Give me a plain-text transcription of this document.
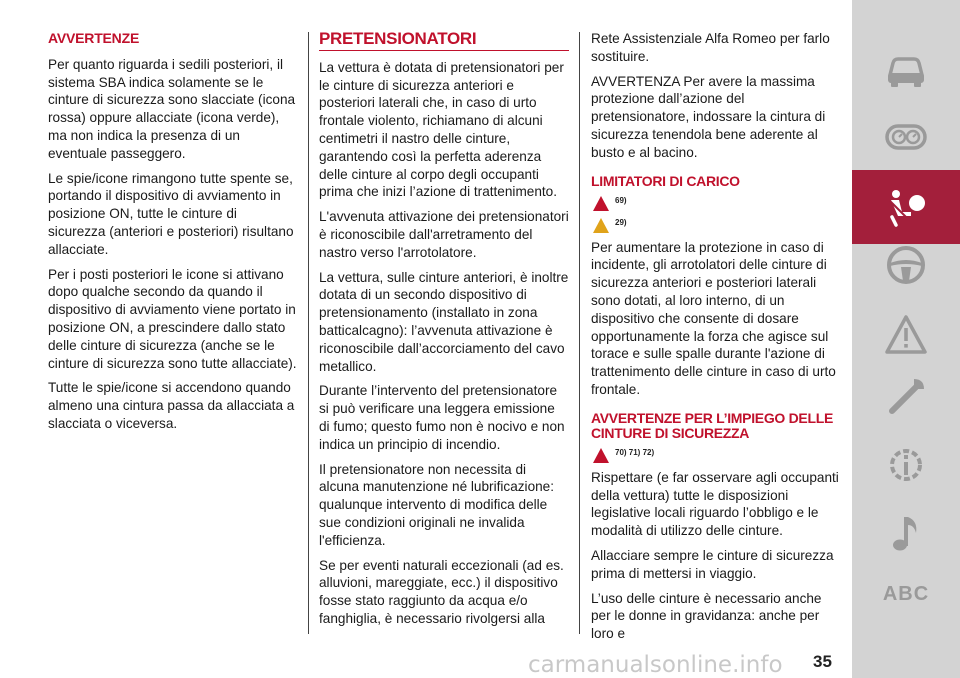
AVVERTENZE

Per quanto riguarda i sedili posteriori, il sistema SBA indica solamente se le cinture di sicurezza sono slacciate (icona rossa) oppure allacciate (icona verde), ma non indica la presenza di un eventuale passeggero.

Le spie/icone rimangono tutte spente se, portando il dispositivo di avviamento in posizione ON, tutte le cinture di sicurezza (anteriori e posteriori) risultano allacciate.

Per i posti posteriori le icone si attivano dopo qualche secondo da quando il dispositivo di avviamento viene portato in posizione ON, a prescindere dallo stato delle cinture di sicurezza (anche se le cinture di sicurezza sono tutte allacciate).

Tutte le spie/icone si accendono quando almeno una cintura passa da allacciata a slacciata o viceversa.

PRETENSIONATORI

La vettura è dotata di pretensionatori per le cinture di sicurezza anteriori e posteriori laterali che, in caso di urto frontale violento, richiamano di alcuni centimetri il nastro delle cinture, garantendo così la perfetta aderenza delle cinture al corpo degli occupanti prima che inizi l’azione di trattenimento.

L'avvenuta attivazione dei pretensionatori è riconoscibile dall'arretramento del nastro verso l'arrotolatore.

La vettura, sulle cinture anteriori, è inoltre dotata di un secondo dispositivo di pretensionamento (installato in zona batticalcagno): l’avvenuta attivazione è riconoscibile dall’accorciamento del cavo metallico.

Durante l’intervento del pretensionatore si può verificare una leggera emissione di fumo; questo fumo non è nocivo e non indica un principio di incendio.

Il pretensionatore non necessita di alcuna manutenzione né lubrificazione: qualunque intervento di modifica delle sue condizioni originali ne invalida l'efficienza.

Se per eventi naturali eccezionali (ad es. alluvioni, mareggiate, ecc.) il dispositivo fosse stato raggiunto da acqua e/o fanghiglia, è necessario rivolgersi alla

Rete Assistenziale Alfa Romeo per farlo sostituire.

AVVERTENZA Per avere la massima protezione dall’azione del pretensionatore, indossare la cintura di sicurezza tenendola bene aderente al busto e al bacino.

LIMITATORI DI CARICO
69)
29)

Per aumentare la protezione in caso di incidente, gli arrotolatori delle cinture di sicurezza anteriori e posteriori laterali sono dotati, al loro interno, di un dispositivo che consente di dosare opportunamente la forza che agisce sul torace e sulle spalle durante l'azione di trattenimento delle cinture in caso di urto frontale.

AVVERTENZE PER L’IMPIEGO DELLE CINTURE DI SICUREZZA
70) 71) 72)

Rispettare (e far osservare agli occupanti della vettura) tutte le disposizioni legislative locali riguardo l’obbligo e le modalità di utilizzo delle cinture.

Allacciare sempre le cinture di sicurezza prima di mettersi in viaggio.

L’uso delle cinture è necessario anche per le donne in gravidanza: anche per loro e

ABC
carmanualsonline.info 35
